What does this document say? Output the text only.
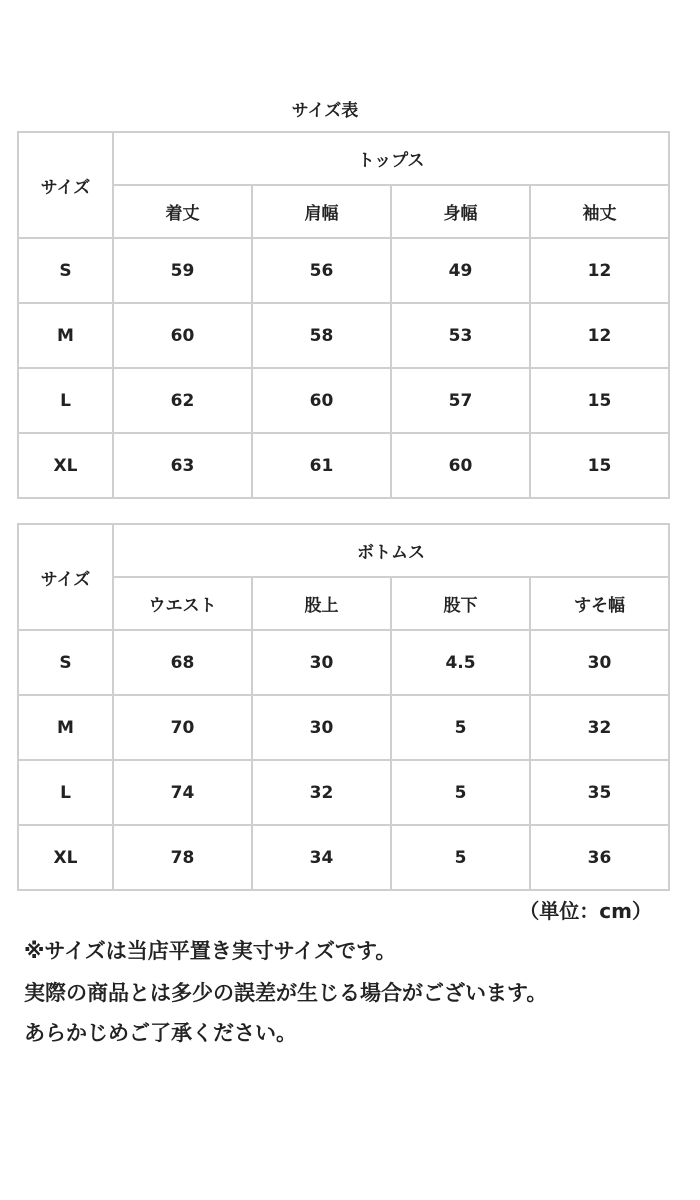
サイズ表
サイズ	トップス			
	着丈	肩幅	身幅	袖丈
S	59	56	49	12
M	60	58	53	12
L	62	60	57	15
XL	63	61	60	15
サイズ	ボトムス			
	ウエスト	股上	股下	すそ幅
S	68	30	4.5	30
M	70	30	5	32
L	74	32	5	35
XL	78	34	5	36
（単位：cm）
※サイズは当店平置き実寸サイズです。
実際の商品とは多少の誤差が生じる場合がございます。
あらかじめご了承ください。
